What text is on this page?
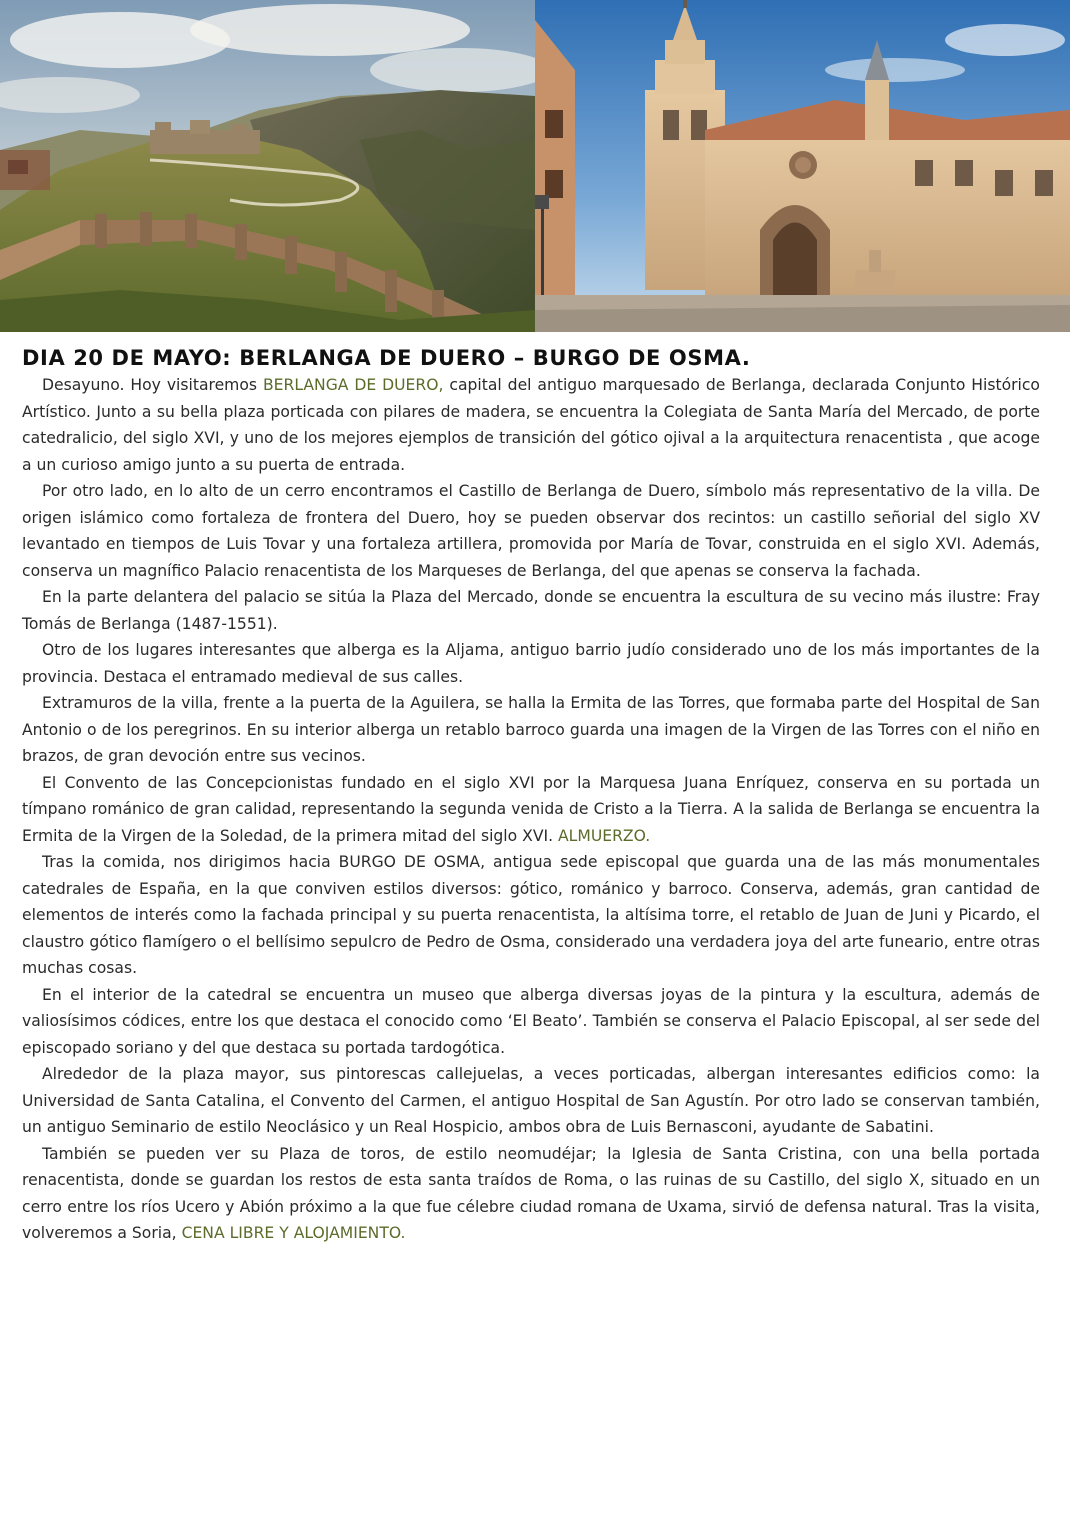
DIA 20 DE MAYO: BERLANGA DE DUERO – BURGO DE OSMA.

Desayuno. Hoy visitaremos BERLANGA DE DUERO, capital del antiguo marquesado de Berlanga, declarada Conjunto Histórico Artístico. Junto a su bella plaza porticada con pilares de madera, se encuentra la Colegiata de Santa María del Mercado, de porte catedralicio, del siglo XVI, y uno de los mejores ejemplos de transición del gótico ojival a la arquitectura renacentista , que acoge a un curioso amigo junto a su puerta de entrada.

Por otro lado, en lo alto de un cerro encontramos el Castillo de Berlanga de Duero, símbolo más representativo de la villa. De origen islámico como fortaleza de frontera del Duero, hoy se pueden observar dos recintos: un castillo señorial del siglo XV levantado en tiempos de Luis Tovar y una fortaleza artillera, promovida por María de Tovar, construida en el siglo XVI. Además, conserva un magnífico Palacio renacentista de los Marqueses de Berlanga, del que apenas se conserva la fachada.

En la parte delantera del palacio se sitúa la Plaza del Mercado, donde se encuentra la escultura de su vecino más ilustre: Fray Tomás de Berlanga (1487-1551).

Otro de los lugares interesantes que alberga es la Aljama, antiguo barrio judío considerado uno de los más importantes de la provincia. Destaca el entramado medieval de sus calles.

Extramuros de la villa, frente a la puerta de la Aguilera, se halla la Ermita de las Torres, que formaba parte del Hospital de San Antonio o de los peregrinos. En su interior alberga un retablo barroco guarda una imagen de la Virgen de las Torres con el niño en brazos, de gran devoción entre sus vecinos.

El Convento de las Concepcionistas fundado en el siglo XVI por la Marquesa Juana Enríquez, conserva en su portada un tímpano románico de gran calidad, representando la segunda venida de Cristo a la Tierra. A la salida de Berlanga se encuentra la Ermita de la Virgen de la Soledad, de la primera mitad del siglo XVI. ALMUERZO.

Tras la comida, nos dirigimos hacia BURGO DE OSMA, antigua sede episcopal que guarda una de las más monumentales catedrales de España, en la que conviven estilos diversos: gótico, románico y barroco. Conserva, además, gran cantidad de elementos de interés como la fachada principal y su puerta renacentista, la altísima torre, el retablo de Juan de Juni y Picardo, el claustro gótico flamígero o el bellísimo sepulcro de Pedro de Osma, considerado una verdadera joya del arte funeario, entre otras muchas cosas.

En el interior de la catedral se encuentra un museo que alberga diversas joyas de la pintura y la escultura, además de valiosísimos códices, entre los que destaca el conocido como ‘El Beato’. También se conserva el Palacio Episcopal, al ser sede del episcopado soriano y del que destaca su portada tardogótica.

Alrededor de la plaza mayor, sus pintorescas callejuelas, a veces porticadas, albergan interesantes edificios como: la Universidad de Santa Catalina, el Convento del Carmen, el antiguo Hospital de San Agustín. Por otro lado se conservan también, un antiguo Seminario de estilo Neoclásico y un Real Hospicio, ambos obra de Luis Bernasconi, ayudante de Sabatini.

También se pueden ver su Plaza de toros, de estilo neomudéjar; la Iglesia de Santa Cristina, con una bella portada renacentista, donde se guardan los restos de esta santa traídos de Roma, o las ruinas de su Castillo, del siglo X, situado en un cerro entre los ríos Ucero y Abión próximo a la que fue célebre ciudad romana de Uxama, sirvió de defensa natural. Tras la visita, volveremos a Soria, CENA LIBRE Y ALOJAMIENTO.
